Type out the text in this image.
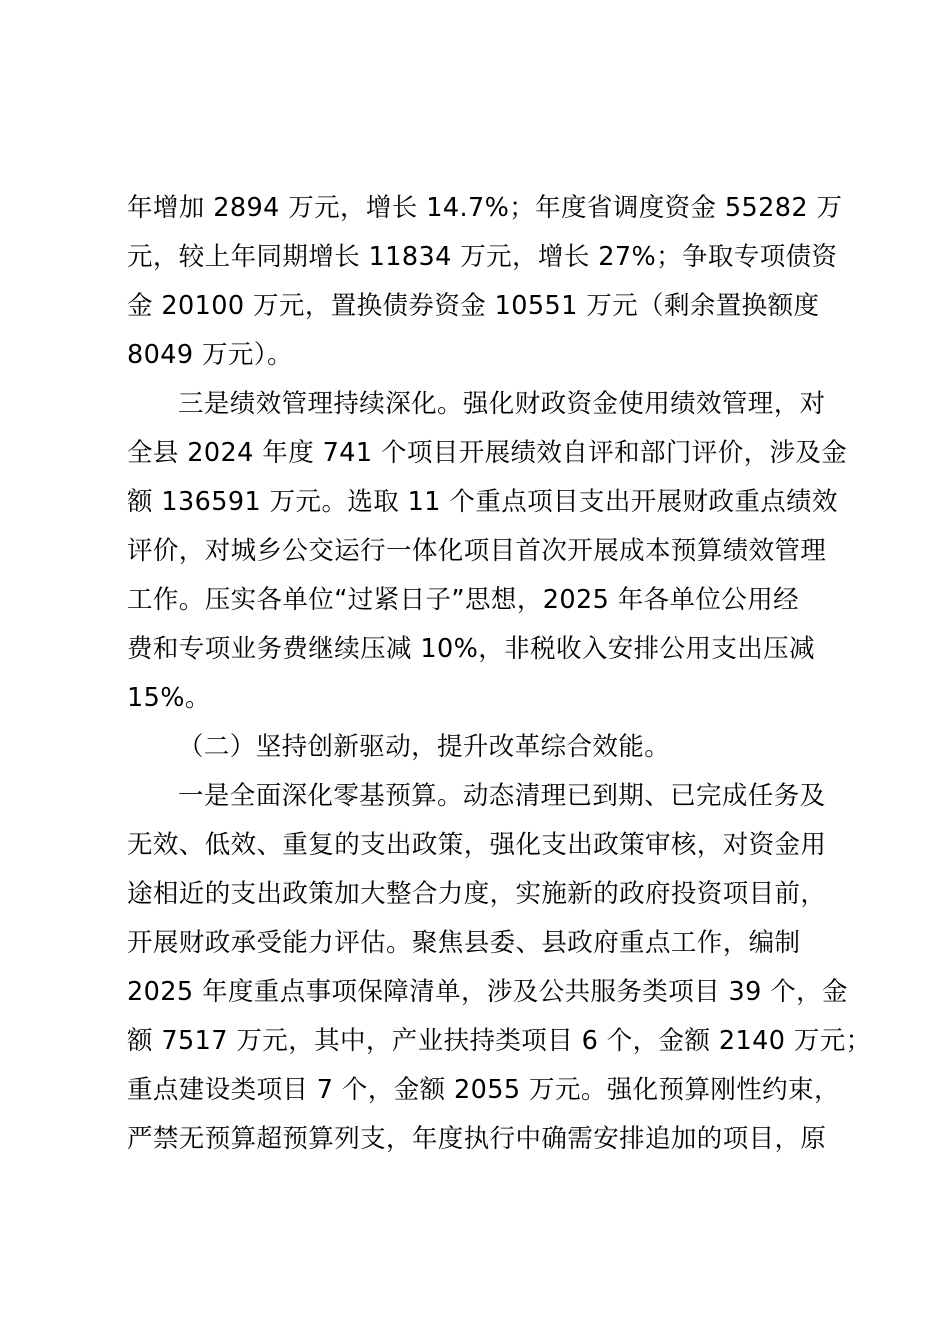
年增加 2894 万元，增长 14.7%；年度省调度资金 55282 万
元，较上年同期增长 11834 万元，增长 27%；争取专项债资
金 20100 万元，置换债券资金 10551 万元（剩余置换额度
8049 万元）。
三是绩效管理持续深化。强化财政资金使用绩效管理，对
全县 2024 年度 741 个项目开展绩效自评和部门评价，涉及金
额 136591 万元。选取 11 个重点项目支出开展财政重点绩效
评价，对城乡公交运行一体化项目首次开展成本预算绩效管理
工作。压实各单位“过紧日子”思想，2025 年各单位公用经
费和专项业务费继续压减 10%，非税收入安排公用支出压减
15%。
（二）坚持创新驱动，提升改革综合效能。
一是全面深化零基预算。动态清理已到期、已完成任务及
无效、低效、重复的支出政策，强化支出政策审核，对资金用
途相近的支出政策加大整合力度，实施新的政府投资项目前，
开展财政承受能力评估。聚焦县委、县政府重点工作，编制
2025 年度重点事项保障清单，涉及公共服务类项目 39 个，金
额 7517 万元，其中，产业扶持类项目 6 个，金额 2140 万元；
重点建设类项目 7 个，金额 2055 万元。强化预算刚性约束，
严禁无预算超预算列支，年度执行中确需安排追加的项目，原
